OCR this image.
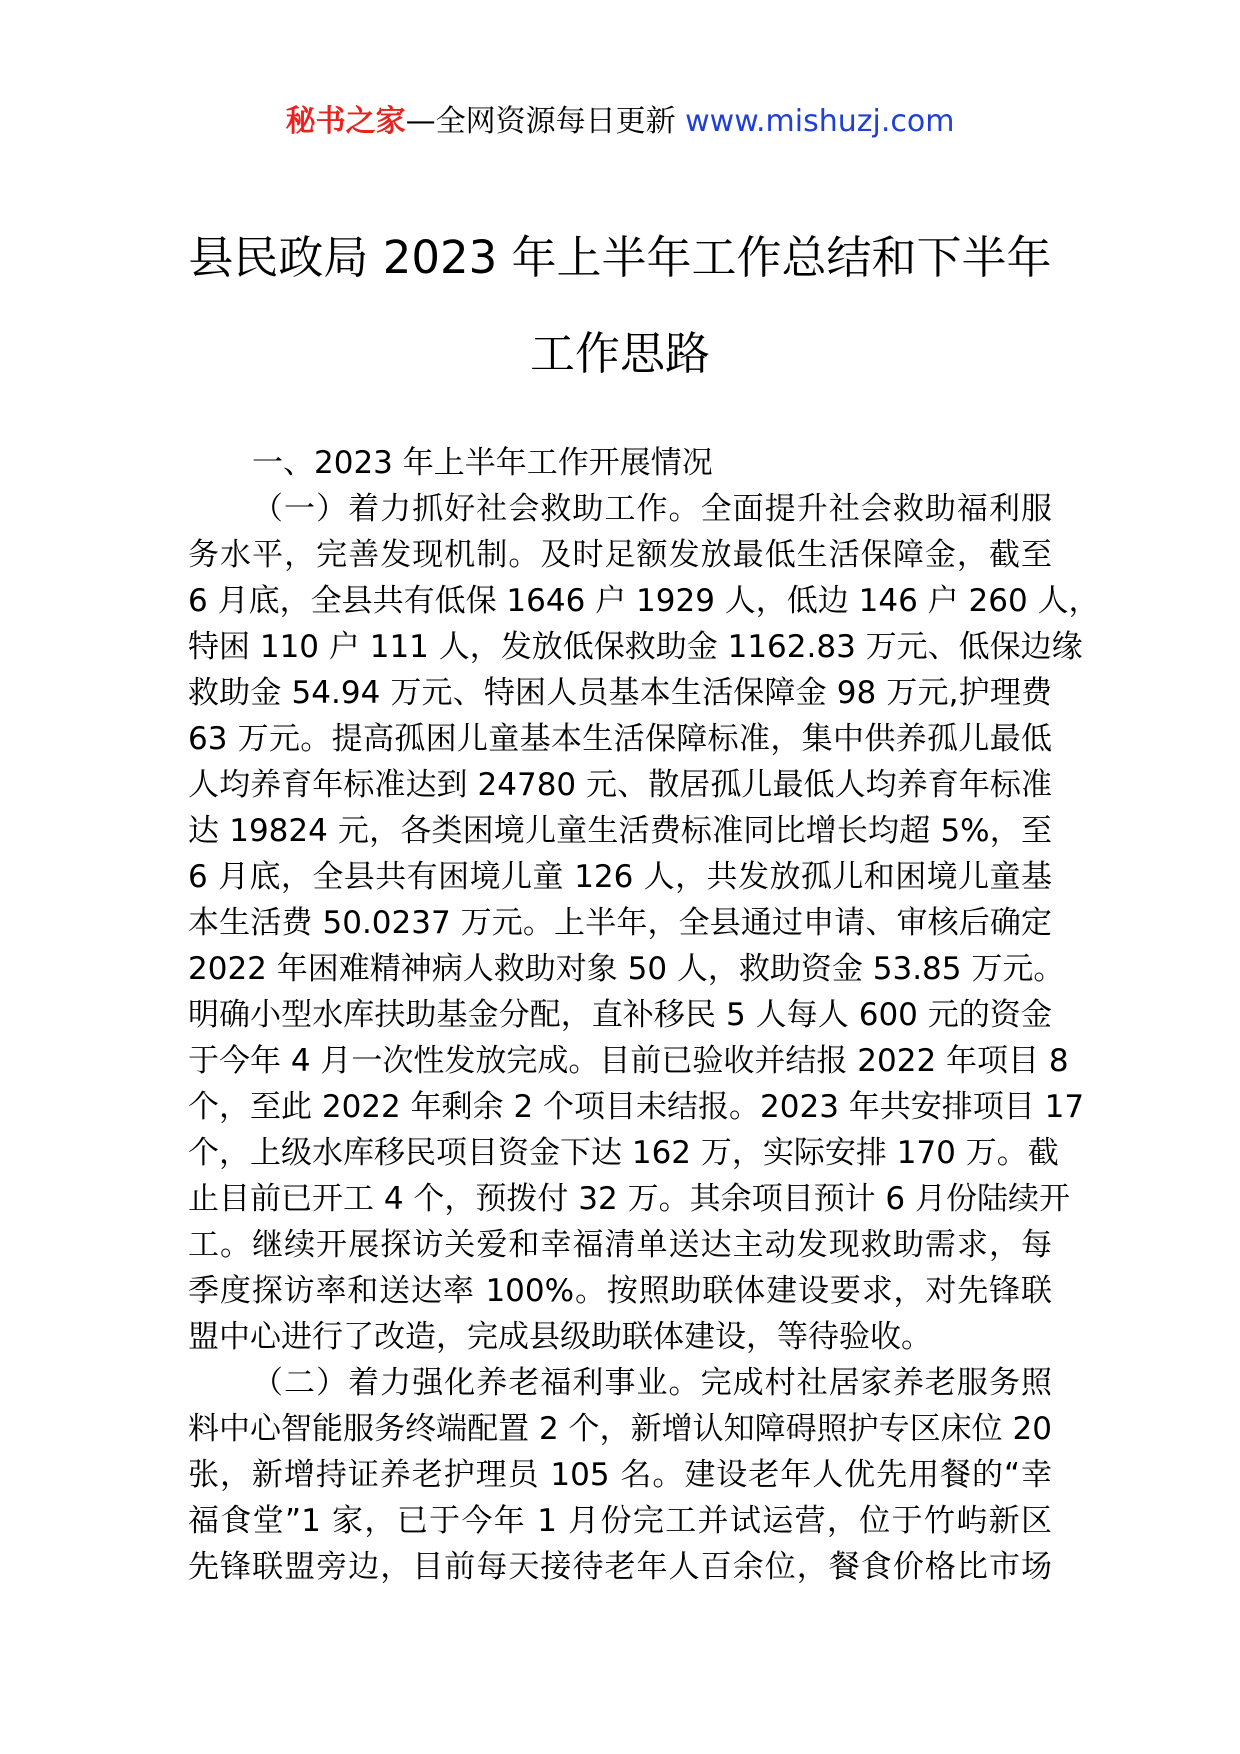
秘书之家—全网资源每日更新 www.mishuzj.com
县民政局 2023 年上半年工作总结和下半年
工作思路
一、2023 年上半年工作开展情况
（一）着力抓好社会救助工作。全面提升社会救助福利服
务水平，完善发现机制。及时足额发放最低生活保障金，截至
6 月底，全县共有低保 1646 户 1929 人，低边 146 户 260 人，
特困 110 户 111 人，发放低保救助金 1162.83 万元、低保边缘
救助金 54.94 万元、特困人员基本生活保障金 98 万元,护理费
63 万元。提高孤困儿童基本生活保障标准，集中供养孤儿最低
人均养育年标准达到 24780 元、散居孤儿最低人均养育年标准
达 19824 元，各类困境儿童生活费标准同比增长均超 5%，至
6 月底，全县共有困境儿童 126 人，共发放孤儿和困境儿童基
本生活费 50.0237 万元。上半年，全县通过申请、审核后确定
2022 年困难精神病人救助对象 50 人，救助资金 53.85 万元。
明确小型水库扶助基金分配，直补移民 5 人每人 600 元的资金
于今年 4 月一次性发放完成。目前已验收并结报 2022 年项目 8
个，至此 2022 年剩余 2 个项目未结报。2023 年共安排项目 17
个，上级水库移民项目资金下达 162 万，实际安排 170 万。截
止目前已开工 4 个，预拨付 32 万。其余项目预计 6 月份陆续开
工。继续开展探访关爱和幸福清单送达主动发现救助需求，每
季度探访率和送达率 100%。按照助联体建设要求，对先锋联
盟中心进行了改造，完成县级助联体建设，等待验收。
（二）着力强化养老福利事业。完成村社居家养老服务照
料中心智能服务终端配置 2 个，新增认知障碍照护专区床位 20
张，新增持证养老护理员 105 名。建设老年人优先用餐的“幸
福食堂”1 家，已于今年 1 月份完工并试运营，位于竹屿新区
先锋联盟旁边，目前每天接待老年人百余位，餐食价格比市场
